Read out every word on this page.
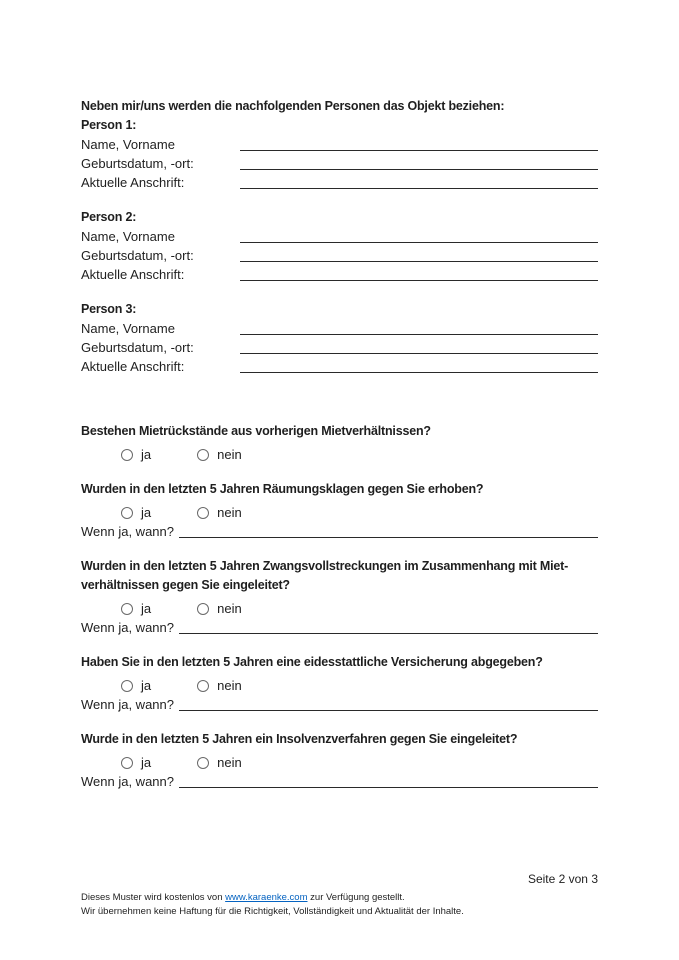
Neben mir/uns werden die nachfolgenden Personen das Objekt beziehen:

Person 1:
Name, Vorname
Geburtsdatum, -ort:
Aktuelle Anschrift:
Person 2:
Name, Vorname
Geburtsdatum, -ort:
Aktuelle Anschrift:
Person 3:
Name, Vorname
Geburtsdatum, -ort:
Aktuelle Anschrift:
Bestehen Mietrückstände aus vorherigen Mietverhältnissen?
ja	nein
Wurden in den letzten 5 Jahren Räumungsklagen gegen Sie erhoben?
ja	nein
Wenn ja, wann?
Wurden in den letzten 5 Jahren Zwangsvollstreckungen im Zusammenhang mit Miet-
verhältnissen gegen Sie eingeleitet?
ja	nein
Wenn ja, wann?
Haben Sie in den letzten 5 Jahren eine eidesstattliche Versicherung abgegeben?
ja	nein
Wenn ja, wann?
Wurde in den letzten 5 Jahren ein Insolvenzverfahren gegen Sie eingeleitet?
ja	nein
Wenn ja, wann?
Seite 2 von 3
Dieses Muster wird kostenlos von www.karaenke.com zur Verfügung gestellt.
Wir übernehmen keine Haftung für die Richtigkeit, Vollständigkeit und Aktualität der Inhalte.
